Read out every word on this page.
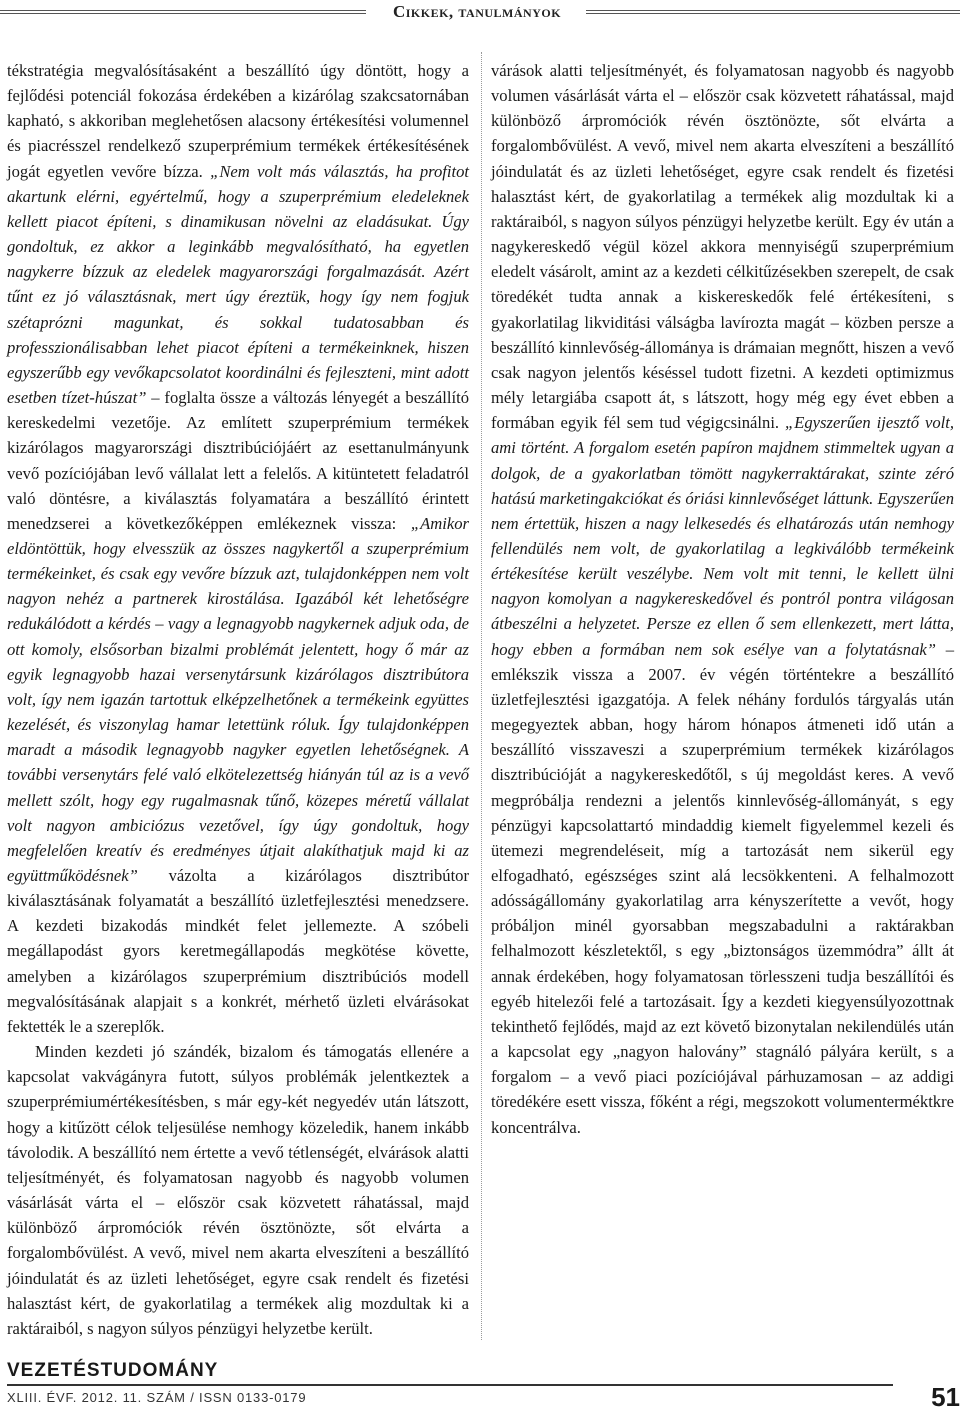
Cikkek, tanulmányok

tékstratégia megvalósításaként a beszállító úgy döntött, hogy a fejlődési potenciál fokozása érdekében a kizárólag szakcsatornában kapható, s akkoriban meglehetősen alacsony értékesítési volumennel és piacrésszel rendelkező szuperprémium termékek értékesítésének jogát egyetlen vevőre bízza. „Nem volt más választás, ha profitot akartunk elérni, egyértelmű, hogy a szuperprémium eledeleknek kellett piacot építeni, s dinamikusan növelni az eladásukat. Úgy gondoltuk, ez akkor a leginkább megvalósítható, ha egyetlen nagykerre bízzuk az eledelek magyarországi forgalmazását. Azért tűnt ez jó választásnak, mert úgy éreztük, hogy így nem fogjuk szétaprózni magunkat, és sokkal tudatosabban és professzionálisabban lehet piacot építeni a termékeinknek, hiszen egyszerűbb egy vevőkapcsolatot koordinálni és fejleszteni, mint adott esetben tízet-húszat” – foglalta össze a változás lényegét a beszállító kereskedelmi vezetője. Az említett szuperprémium termékek kizárólagos magyarországi disztribúciójáért az esettanulmányunk vevő pozíciójában levő vállalat lett a felelős. A kitüntetett feladatról való döntésre, a kiválasztás folyamatára a beszállító érintett menedzserei a következőképpen emlékeznek vissza: „Amikor eldöntöttük, hogy elvesszük az összes nagykertől a szuperprémium termékeinket, és csak egy vevőre bízzuk azt, tulajdonképpen nem volt nagyon nehéz a partnerek kirostálása. Igazából két lehetőségre redukálódott a kérdés – vagy a legnagyobb nagykernek adjuk oda, de ott komoly, elsősorban bizalmi problémát jelentett, hogy ő már az egyik legnagyobb hazai versenytársunk kizárólagos disztribútora volt, így nem igazán tartottuk elképzelhetőnek a termékeink együttes kezelését, és viszonylag hamar letettünk róluk. Így tulajdonképpen maradt a második legnagyobb nagyker egyetlen lehetőségnek. A további versenytárs felé való elkötelezettség hiányán túl az is a vevő mellett szólt, hogy egy rugalmasnak tűnő, közepes méretű vállalat volt nagyon ambiciózus vezetővel, így úgy gondoltuk, hogy megfelelően kreatív és eredményes útjait alakíthatjuk majd ki az együttműködésnek” vázolta a kizárólagos disztribútor kiválasztásának folyamatát a beszállító üzletfejlesztési menedzsere. A kezdeti bizakodás mindkét felet jellemezte. A szóbeli megállapodást gyors keretmegállapodás megkötése követte, amelyben a kizárólagos szuperprémium disztribúciós modell megvalósításának alapjait s a konkrét, mérhető üzleti elvárásokat fektették le a szereplők.

Minden kezdeti jó szándék, bizalom és támogatás ellenére a kapcsolat vakvágányra futott, súlyos problémák jelentkeztek a szuperprémiumértékesítésben, s már egy-két negyedév után látszott, hogy a kitűzött célok teljesülése nemhogy közeledik, hanem inkább távolodik. A beszállító nem értette a vevő tétlenségét, elvárások alatti teljesítményét, és folyamatosan nagyobb és nagyobb volumen vásárlását várta el – először csak közvetett ráhatással, majd különböző árpromóciók révén ösztönözte, sőt elvárta a forgalombővülést. A vevő, mivel nem akarta elveszíteni a beszállító jóindulatát és az üzleti lehetőséget, egyre csak rendelt és fizetési halasztást kért, de gyakorlatilag a termékek alig mozdultak ki a raktáraiból, s nagyon súlyos pénzügyi helyzetbe került.

várások alatti teljesítményét, és folyamatosan nagyobb és nagyobb volumen vásárlását várta el – először csak közvetett ráhatással, majd különböző árpromóciók révén ösztönözte, sőt elvárta a forgalombővülést. A vevő, mivel nem akarta elveszíteni a beszállító jóindulatát és az üzleti lehetőséget, egyre csak rendelt és fizetési halasztást kért, de gyakorlatilag a termékek alig mozdultak ki a raktáraiból, s nagyon súlyos pénzügyi helyzetbe került. Egy év után a nagykereskedő végül közel akkora mennyiségű szuperprémium eledelt vásárolt, amint az a kezdeti célkitűzésekben szerepelt, de csak töredékét tudta annak a kiskereskedők felé értékesíteni, s gyakorlatilag likviditási válságba lavírozta magát – közben persze a beszállító kinnlevőség-állománya is drámaian megnőtt, hiszen a vevő csak nagyon jelentős késéssel tudott fizetni. A kezdeti optimizmus mély letargiába csapott át, s látszott, hogy még egy évet ebben a formában egyik fél sem tud végigcsinálni. „Egyszerűen ijesztő volt, ami történt. A forgalom esetén papíron majdnem stimmeltek ugyan a dolgok, de a gyakorlatban tömött nagykerraktárakat, szinte zéró hatású marketingakciókat és óriási kinnlevőséget láttunk. Egyszerűen nem értettük, hiszen a nagy lelkesedés és elhatározás után nemhogy fellendülés nem volt, de gyakorlatilag a legkiválóbb termékeink értékesítése került veszélybe. Nem volt mit tenni, le kellett ülni nagyon komolyan a nagykereskedővel és pontról pontra világosan átbeszélni a helyzetet. Persze ez ellen ő sem ellenkezett, mert látta, hogy ebben a formában nem sok esélye van a folytatásnak” – emlékszik vissza a 2007. év végén történtekre a beszállító üzletfejlesztési igazgatója. A felek néhány fordulós tárgyalás után megegyeztek abban, hogy három hónapos átmeneti idő után a beszállító visszaveszi a szuperprémium termékek kizárólagos disztribúcióját a nagykereskedőtől, s új megoldást keres. A vevő megpróbálja rendezni a jelentős kinnlevőség-állományát, s egy pénzügyi kapcsolattartó mindaddig kiemelt figyelemmel kezeli és ütemezi megrendeléseit, míg a tartozását nem sikerül egy elfogadható, egészséges szint alá lecsökkenteni. A felhalmozott adósságállomány gyakorlatilag arra kényszerítette a vevőt, hogy próbáljon minél gyorsabban megszabadulni a raktárakban felhalmozott készletektől, s egy „biztonságos üzemmódra” állt át annak érdekében, hogy folyamatosan törlesszeni tudja beszállítói és egyéb hitelezői felé a tartozásait. Így a kezdeti kiegyensúlyozottnak tekinthető fejlődés, majd az ezt követő bizonytalan nekilendülés után a kapcsolat egy „nagyon halovány” stagnáló pályára került, s a forgalom – a vevő piaci pozíciójával párhuzamosan – az addigi töredékére esett vissza, főként a régi, megszokott volumenterméktkre koncentrálva.

VEZETÉSTUDOMÁNY
XLIII. ÉVF. 2012. 11. SZÁM / ISSN 0133-0179	51
